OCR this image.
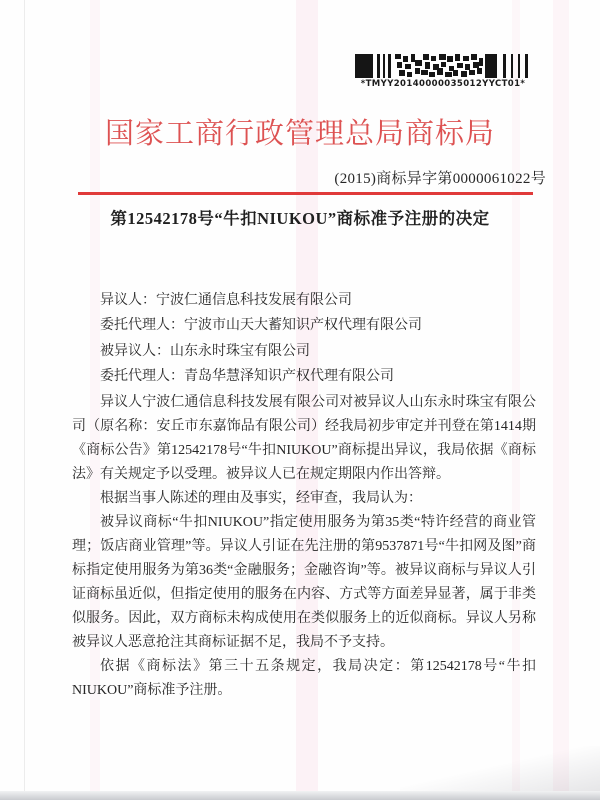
*TMYY20140000035012YYCT01*
国家工商行政管理总局商标局
(2015)商标异字第0000061022号
第12542178号“牛扣NIUKOU”商标准予注册的决定
异议人：宁波仁通信息科技发展有限公司
委托代理人：宁波市山天大蓄知识产权代理有限公司
被异议人：山东永时珠宝有限公司
委托代理人：青岛华慧泽知识产权代理有限公司

异议人宁波仁通信息科技发展有限公司对被异议人山东永时珠宝有限公司（原名称：安丘市东嘉饰品有限公司）经我局初步审定并刊登在第1414期《商标公告》第12542178号“牛扣NIUKOU”商标提出异议，我局依据《商标法》有关规定予以受理。被异议人已在规定期限内作出答辩。

根据当事人陈述的理由及事实，经审查，我局认为：

被异议商标“牛扣NIUKOU”指定使用服务为第35类“特许经营的商业管理；饭店商业管理”等。异议人引证在先注册的第9537871号“牛扣网及图”商标指定使用服务为第36类“金融服务；金融咨询”等。被异议商标与异议人引证商标虽近似，但指定使用的服务在内容、方式等方面差异显著，属于非类似服务。因此，双方商标未构成使用在类似服务上的近似商标。异议人另称被异议人恶意抢注其商标证据不足，我局不予支持。

依据《商标法》第三十五条规定，我局决定：第12542178号“牛扣NIUKOU”商标准予注册。
